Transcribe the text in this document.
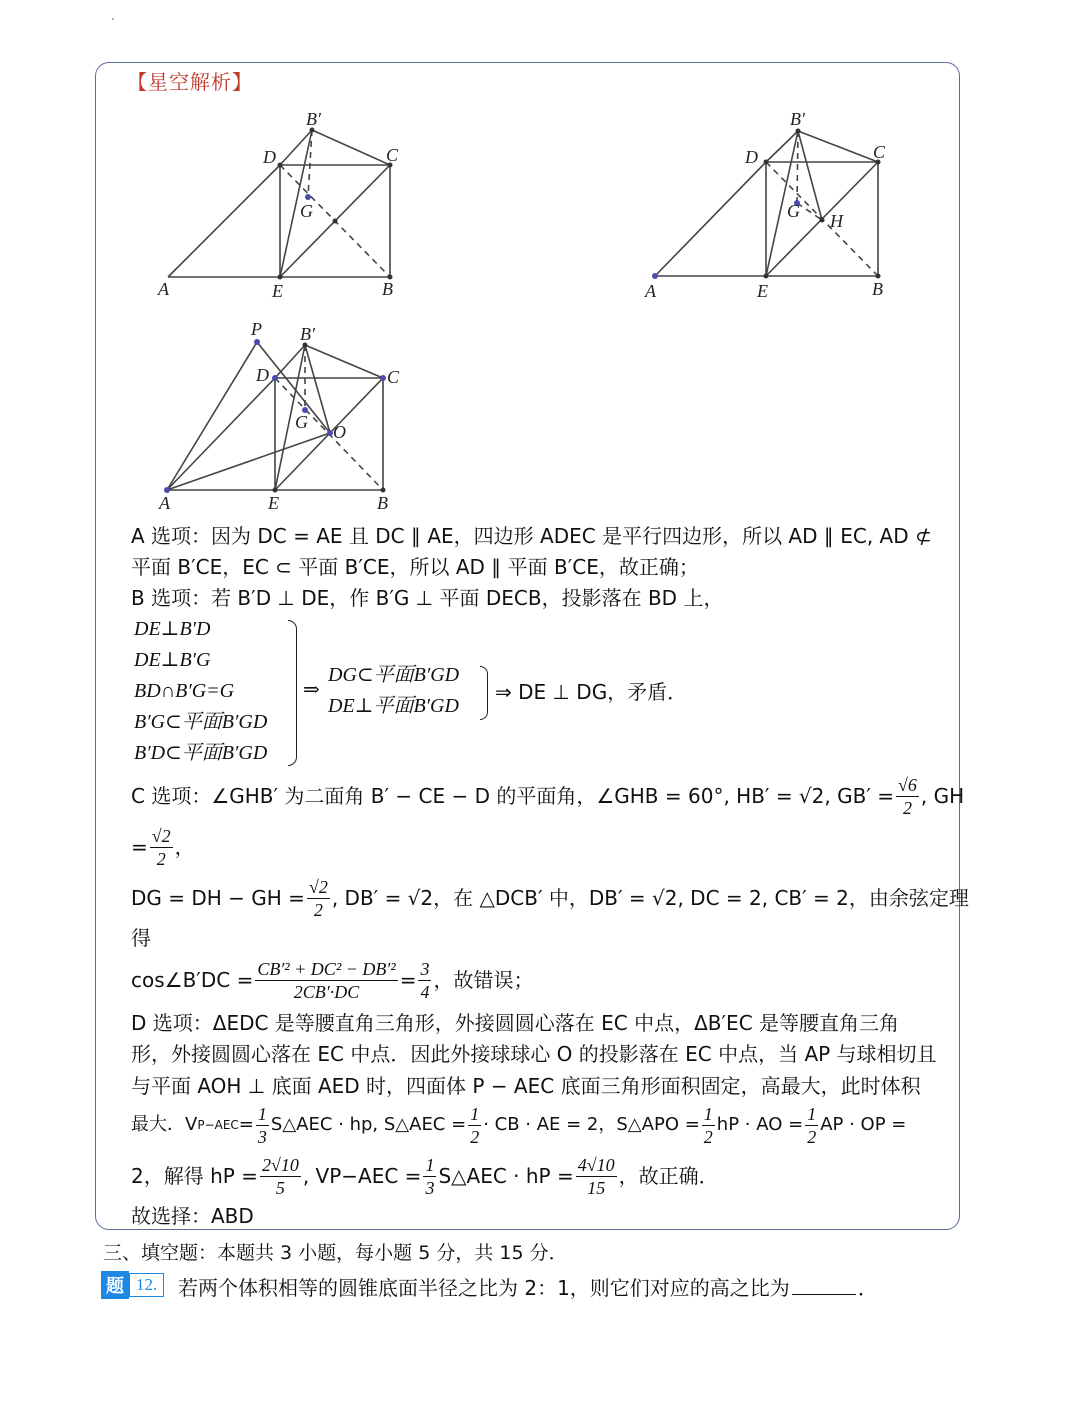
【星空解析】
B′
D	C
G
A	E	B
B′
D	C
G H
A	E	B
P B′
D	C
G O
A	E	B
A 选项：因为 DC = AE 且 DC ∥ AE，四边形 ADEC 是平行四边形，所以 AD ∥ EC, AD ⊄
平面 B′CE，EC ⊂ 平面 B′CE，所以 AD ∥ 平面 B′CE，故正确；
B 选项：若 B′D ⊥ DE，作 B′G ⊥ 平面 DECB，投影落在 BD 上，
DE⊥B′D
DE⊥B′G
BD∩B′G=G
B′G⊂平面B′GD
B′D⊂平面B′GD
⇒
DG⊂平面B′GD
DE⊥平面B′GD
⇒ DE ⊥ DG，矛盾．
C 选项：∠GHB′ 为二面角 B′ − CE − D 的平面角，∠GHB = 60°, HB′ = √2, $GB' = \frac{√6}{2}$ , GH
= $\frac{√2}{2}$ ，
DG = DH − GH = $\frac{√2}{2}$ , DB′ = √2，在 △DCB′ 中，DB′ = √2, DC = 2, CB′ = 2，由余弦定理
得
cos∠B′DC = $\frac{\text{CB′² + DC² − DB′²}}{2CB'\cdot DC} = \frac{3}{4}$ ，故错误；
D 选项：ΔEDC 是等腰直角三角形，外接圆圆心落在 EC 中点，ΔB′EC 是等腰直角三角
形，外接圆圆心落在 EC 中点．因此外接球球心 O 的投影落在 EC 中点，当 AP 与球相切且
与平面 AOH ⊥ 底面 AED 时，四面体 P − AEC 底面三角形面积固定，高最大，此时体积
最大．V $P-AEC = \frac{1}{3}$ S△AEC · hp, S△AEC = $\frac{1}{2}$ · CB · AE = 2，S△APO = $\frac{1}{2}$ hP · AO = $\frac{1}{2}$ AP · OP =
2，解得 hP = $\frac{2√10}{5}$ , $VP-AEC = \frac{1}{3}$ S△AEC · hP = $\frac{4√10}{15}$ ，故正确．
故选择：ABD
三、填空题：本题共 3 小题，每小题 5 分，共 15 分．
题 12.	若两个体积相等的圆锥底面半径之比为 2：1，则它们对应的高之比为	．
